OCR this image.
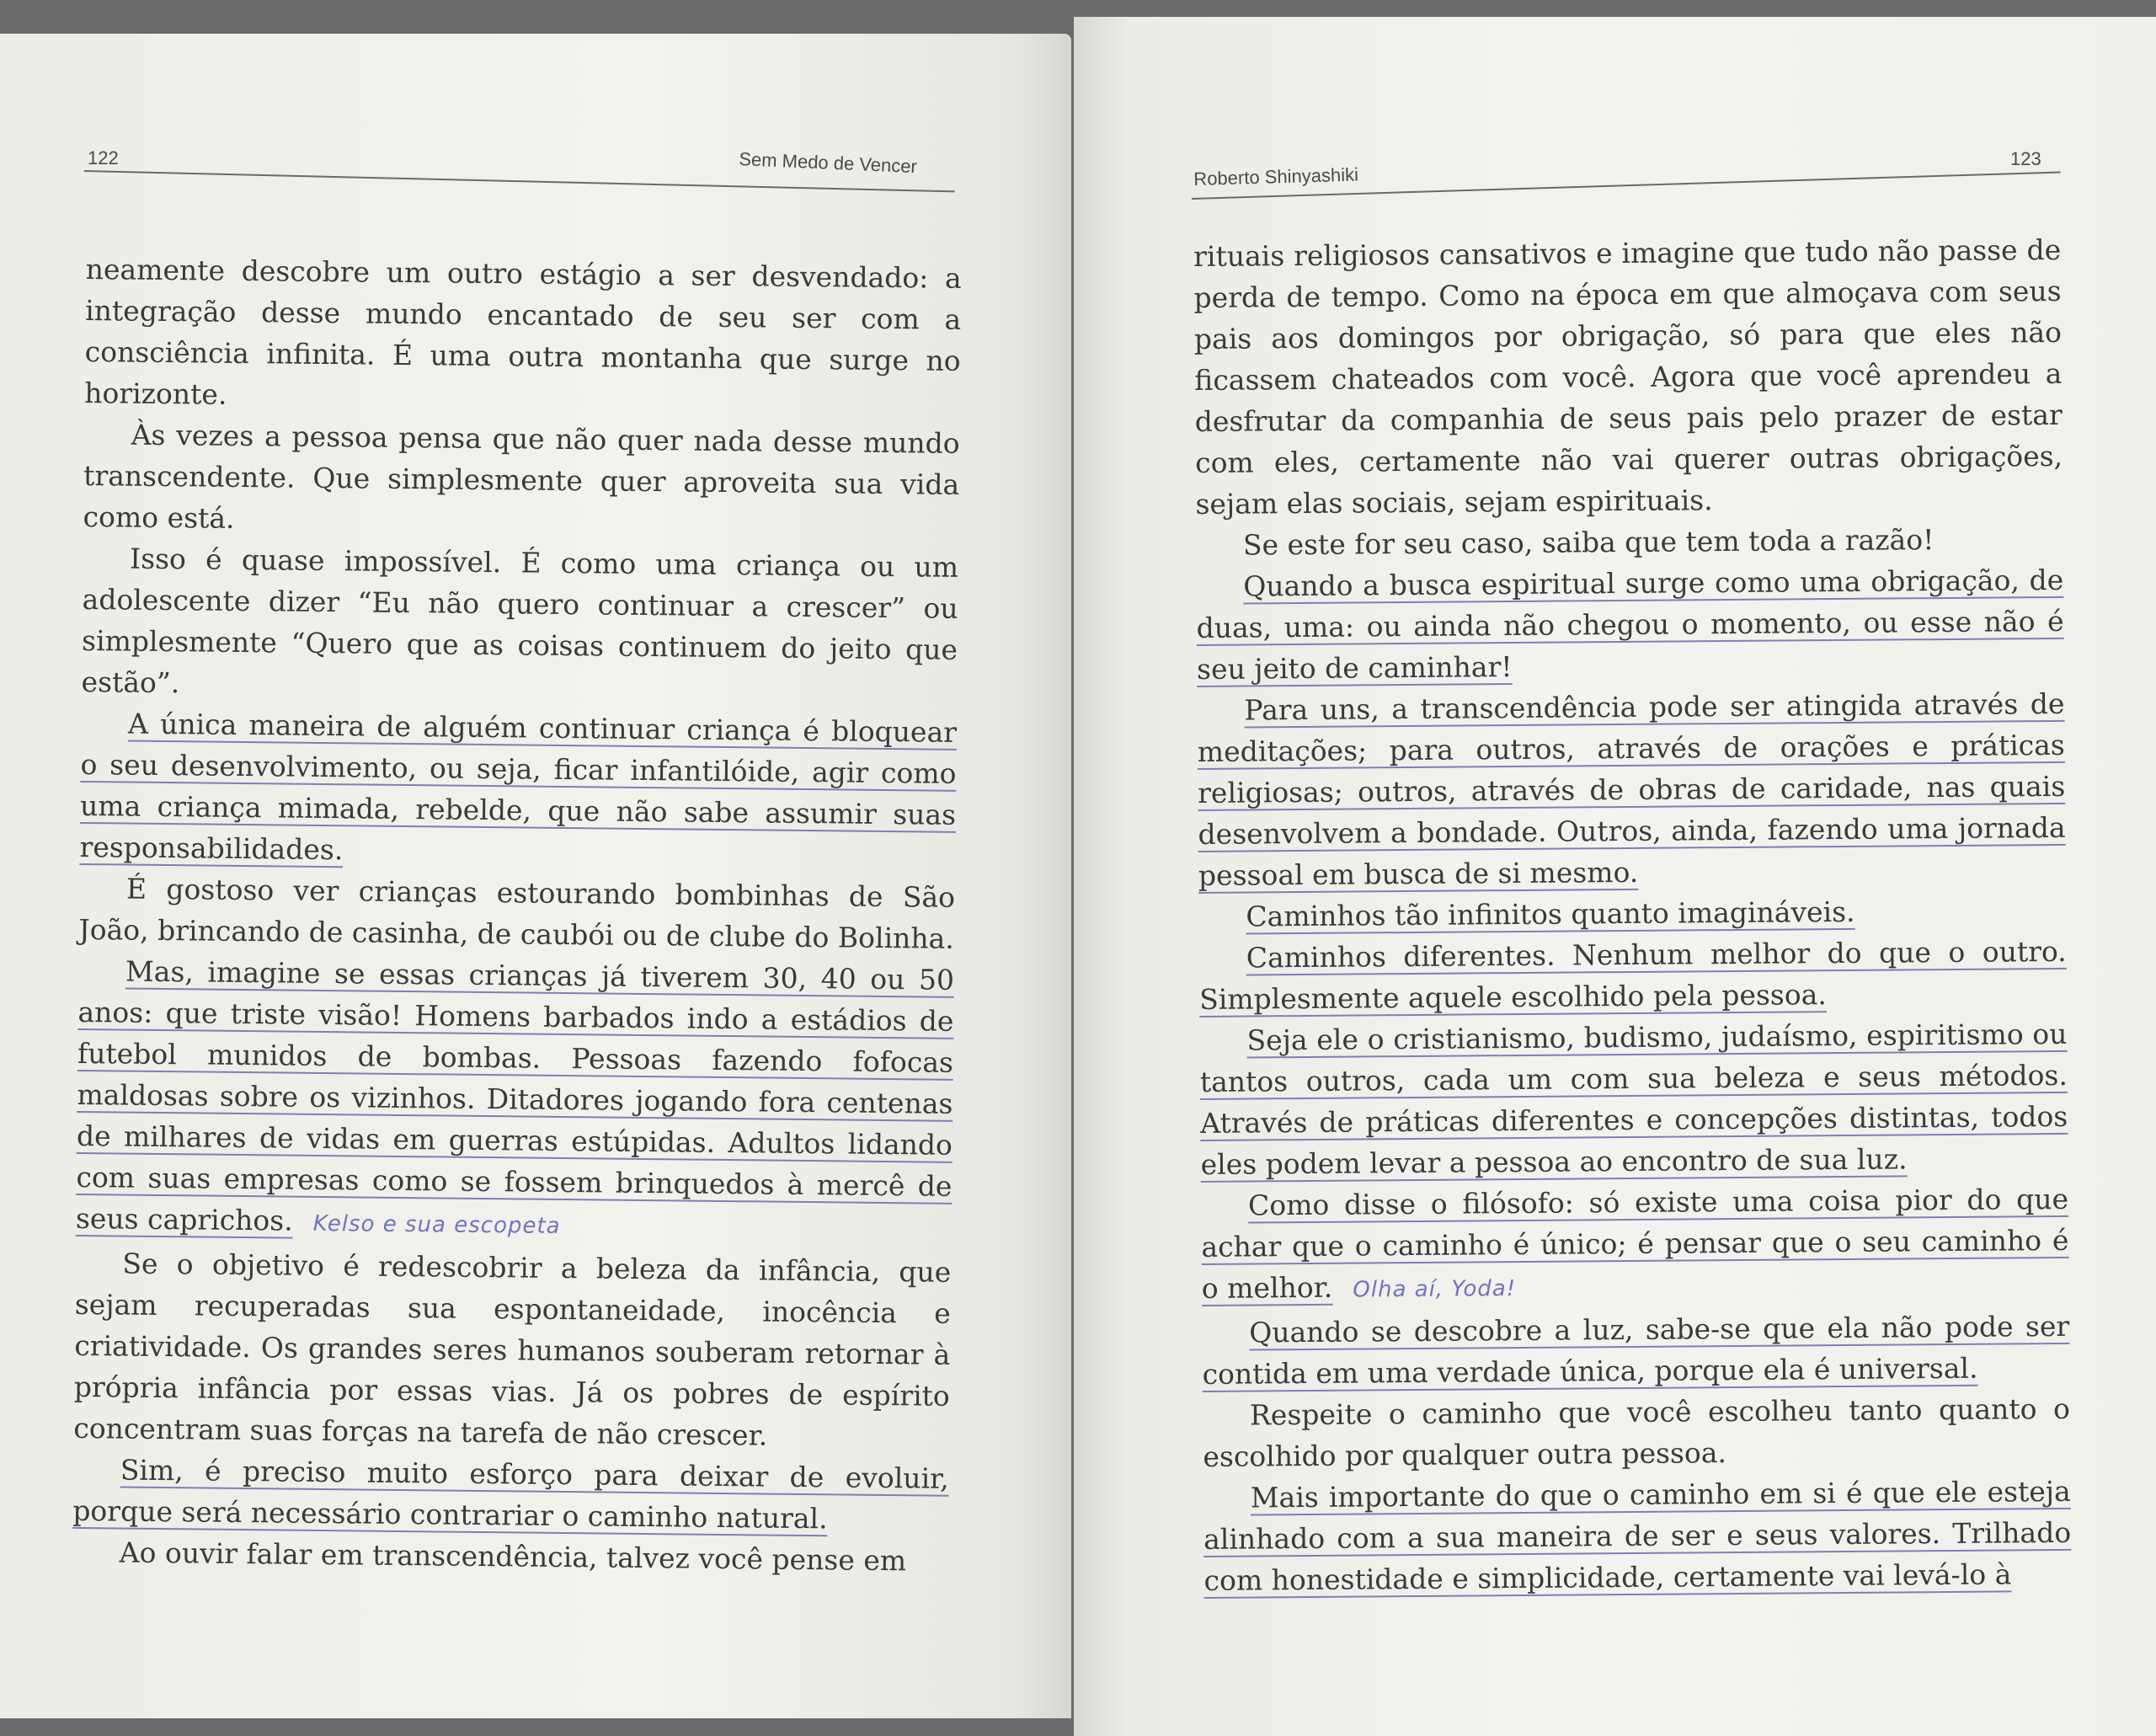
122	Sem Medo de Vencer

neamente descobre um outro estágio a ser desvendado: a integração desse mundo encantado de seu ser com a consciência infinita. É uma outra montanha que surge no horizonte.

Às vezes a pessoa pensa que não quer nada desse mundo transcendente. Que simplesmente quer aproveita sua vida como está.

Isso é quase impossível. É como uma criança ou um adolescente dizer “Eu não quero continuar a crescer” ou simplesmente “Quero que as coisas continuem do jeito que estão”.

A única maneira de alguém continuar criança é bloquear o seu desenvolvimento, ou seja, ficar infantilóide, agir como uma criança mimada, rebelde, que não sabe assumir suas responsabilidades.

É gostoso ver crianças estourando bombinhas de São João, brincando de casinha, de caubói ou de clube do Bolinha.

Mas, imagine se essas crianças já tiverem 30, 40 ou 50 anos: que triste visão! Homens barbados indo a estádios de futebol munidos de bombas. Pessoas fazendo fofocas maldosas sobre os vizinhos. Ditadores jogando fora centenas de milhares de vidas em guerras estúpidas. Adultos lidando com suas empresas como se fossem brinquedos à mercê de seus caprichos. Kelso e sua escopeta

Se o objetivo é redescobrir a beleza da infância, que sejam recuperadas sua espontaneidade, inocência e criatividade. Os grandes seres humanos souberam retornar à própria infância por essas vias. Já os pobres de espírito concentram suas forças na tarefa de não crescer.

Sim, é preciso muito esforço para deixar de evoluir, porque será necessário contrariar o caminho natural.

Ao ouvir falar em transcendência, talvez você pense em

Roberto Shinyashiki
123

rituais religiosos cansativos e imagine que tudo não passe de perda de tempo. Como na época em que almoçava com seus pais aos domingos por obrigação, só para que eles não ficassem chateados com você. Agora que você aprendeu a desfrutar da companhia de seus pais pelo prazer de estar com eles, certamente não vai querer outras obrigações, sejam elas sociais, sejam espirituais.

Se este for seu caso, saiba que tem toda a razão!

Quando a busca espiritual surge como uma obrigação, de duas, uma: ou ainda não chegou o momento, ou esse não é seu jeito de caminhar!

Para uns, a transcendência pode ser atingida através de meditações; para outros, através de orações e práticas religiosas; outros, através de obras de caridade, nas quais desenvolvem a bondade. Outros, ainda, fazendo uma jornada pessoal em busca de si mesmo.

Caminhos tão infinitos quanto imagináveis.

Caminhos diferentes. Nenhum melhor do que o outro. Simplesmente aquele escolhido pela pessoa.

Seja ele o cristianismo, budismo, judaísmo, espiritismo ou tantos outros, cada um com sua beleza e seus métodos. Através de práticas diferentes e concepções distintas, todos eles podem levar a pessoa ao encontro de sua luz.

Como disse o filósofo: só existe uma coisa pior do que achar que o caminho é único; é pensar que o seu caminho é o melhor. Olha aí, Yoda!

Quando se descobre a luz, sabe-se que ela não pode ser contida em uma verdade única, porque ela é universal.

Respeite o caminho que você escolheu tanto quanto o escolhido por qualquer outra pessoa.

Mais importante do que o caminho em si é que ele esteja alinhado com a sua maneira de ser e seus valores. Trilhado com honestidade e simplicidade, certamente vai levá-lo à
